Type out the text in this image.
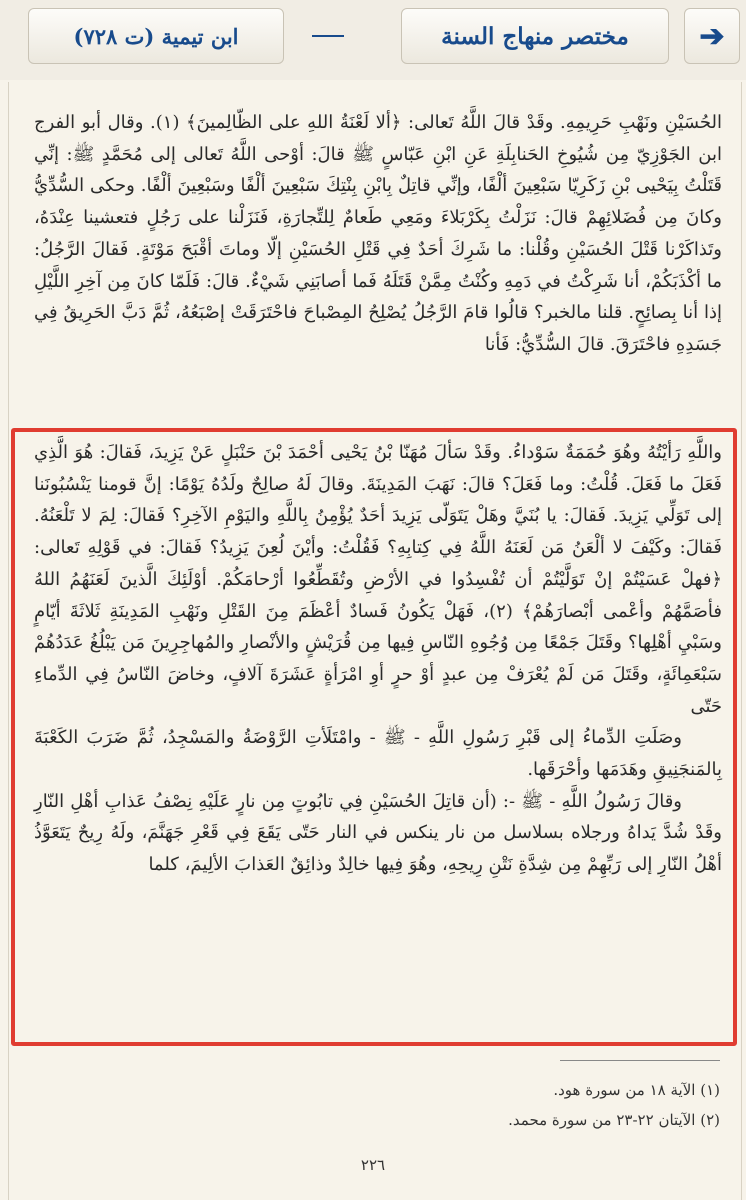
➔
مختصر منهاج السنة
ابن تيمية (ت ٧٢٨)
الحُسَيْنِ ونَهْبِ حَرِيمِهِ. وقَدْ قالَ اللَّهُ تَعالى: ﴿ألا لَعْنَةُ اللهِ على الظّالِمينَ﴾ (١). وقال أبو الفرج ابن الجَوْزِيّ مِن شُيُوخِ الحَنابِلَةِ عَنِ ابْنِ عَبّاسٍ ﷺ قالَ: أوْحى اللَّهُ تَعالى إلى مُحَمَّدٍ ﷺ: إنِّي قَتَلْتُ بِيَحْيى بْنِ زَكَرِيّا سَبْعِينَ ألْفًا، وإنِّي قاتِلٌ بِابْنِ بِنْتِكَ سَبْعِينَ ألْفًا وسَبْعِينَ ألْفًا. وحكى السُّدِّيُّ وكانَ مِن فُضَلائِهِمْ قالَ: نَزَلْتُ بِكَرْبَلاءَ ومَعِي طَعامٌ لِلتِّجارَةِ، فَنَزَلْنا على رَجُلٍ فتعشينا عِنْدَهُ، وتَذاكَرْنا قَتْلَ الحُسَيْنِ وقُلْنا: ما شَرِكَ أحَدٌ فِي قَتْلِ الحُسَيْنِ إلّا وماتَ أقْبَحَ مَوْتَةٍ. فَقالَ الرَّجُلُ: ما أكْذَبَكُمْ، أنا شَرِكْتُ في دَمِهِ وكُنْتُ مِمَّنْ قَتَلَهُ فَما أصابَنِي شَيْءٌ. قالَ: فَلَمّا كانَ مِن آخِرِ اللَّيْلِ إذا أنا بِصائِحٍ. قلنا مالخبر؟ قالُوا قامَ الرَّجُلُ يُصْلِحُ المِصْباحَ فاحْتَرَقَتْ إصْبَعُهُ، ثُمَّ دَبَّ الحَرِيقُ فِي جَسَدِهِ فاحْتَرَقَ. قالَ السُّدِّيُّ: فَأنا

واللَّهِ رَأيْتُهُ وهُوَ حُمَمَةٌ سَوْداءُ. وقَدْ سَألَ مُهَنّا بْنُ يَحْيى أحْمَدَ بْنَ حَنْبَلٍ عَنْ يَزِيدَ، فَقالَ: هُوَ الَّذِي فَعَلَ ما فَعَلَ. قُلْتُ: وما فَعَلَ؟ قالَ: نَهَبَ المَدِينَةَ. وقالَ لَهُ صالِحٌ ولَدُهُ يَوْمًا: إنَّ قومنا يَنْسُبُونَنا إلى تَوَلِّي يَزِيدَ. فَقالَ: يا بُنَيَّ وهَلْ يَتَوَلّى يَزِيدَ أحَدٌ يُؤْمِنُ بِاللَّهِ واليَوْمِ الآخِرِ؟ فَقالَ: لِمَ لا تَلْعَنُهُ. فَقالَ: وكَيْفَ لا ألْعَنُ مَن لَعَنَهُ اللَّهُ فِي كِتابِهِ؟ فَقُلْتُ: وأيْنَ لُعِنَ يَزِيدُ؟ فَقالَ: في قَوْلِهِ تَعالى: ﴿فهلْ عَسَيْتُمْ إنْ تَوَلَّيْتُمْ أن تُفْسِدُوا في الأرْضِ وتُقَطِّعُوا أرْحامَكُمْ. أوْلَئِكَ الَّذينَ لَعَنَهُمُ اللهُ فأصَمَّهُمْ وأعْمى أبْصارَهُمْ﴾ (٢)، فَهَلْ يَكُونُ فَسادٌ أعْظَمَ مِنَ القَتْلِ ونَهْبِ المَدِينَةِ ثَلاثَةَ أيّامٍ وسَبْيِ أهْلِها؟ وقَتَلَ جَمْعًا مِن وُجُوهِ النّاسِ فِيها مِن قُرَيْشٍ والأنْصارِ والمُهاجِرِينَ مَن يَبْلُغُ عَدَدُهُمْ سَبْعَمِائَةٍ، وقَتَلَ مَن لَمْ يُعْرَفْ مِن عبدٍ أوْ حرٍ أوِ امْرَأةٍ عَشَرَةَ آلافٍ، وخاضَ النّاسُ فِي الدِّماءِ حَتّى

وصَلَتِ الدِّماءُ إلى قَبْرِ رَسُولِ اللَّهِ - ﷺ - وامْتَلَأتِ الرَّوْضَةُ والمَسْجِدُ، ثُمَّ ضَرَبَ الكَعْبَةَ بِالمَنجَنِيقِ وهَدَمَها وأحْرَقَها.

وقالَ رَسُولُ اللَّهِ - ﷺ -: (أن قاتِلَ الحُسَيْنِ فِي تابُوتٍ مِن نارٍ عَلَيْهِ نِصْفُ عَذابِ أهْلِ النّارِ وقَدْ شُدَّ يَداهُ ورجلاه بسلاسل من نار ينكس في النار حَتّى يَقَعَ فِي قَعْرِ جَهَنَّمَ، ولَهُ رِيحٌ يَتَعَوَّذُ أهْلُ النّارِ إلى رَبِّهِمْ مِن شِدَّةِ نَتْنِ رِيحِهِ، وهُوَ فِيها خالِدٌ وذائِقٌ العَذابَ الألِيمَ، كلما

(١) الآية ١٨ من سورة هود.
(٢) الآيتان ٢٢-٢٣ من سورة محمد.
٢٢٦
